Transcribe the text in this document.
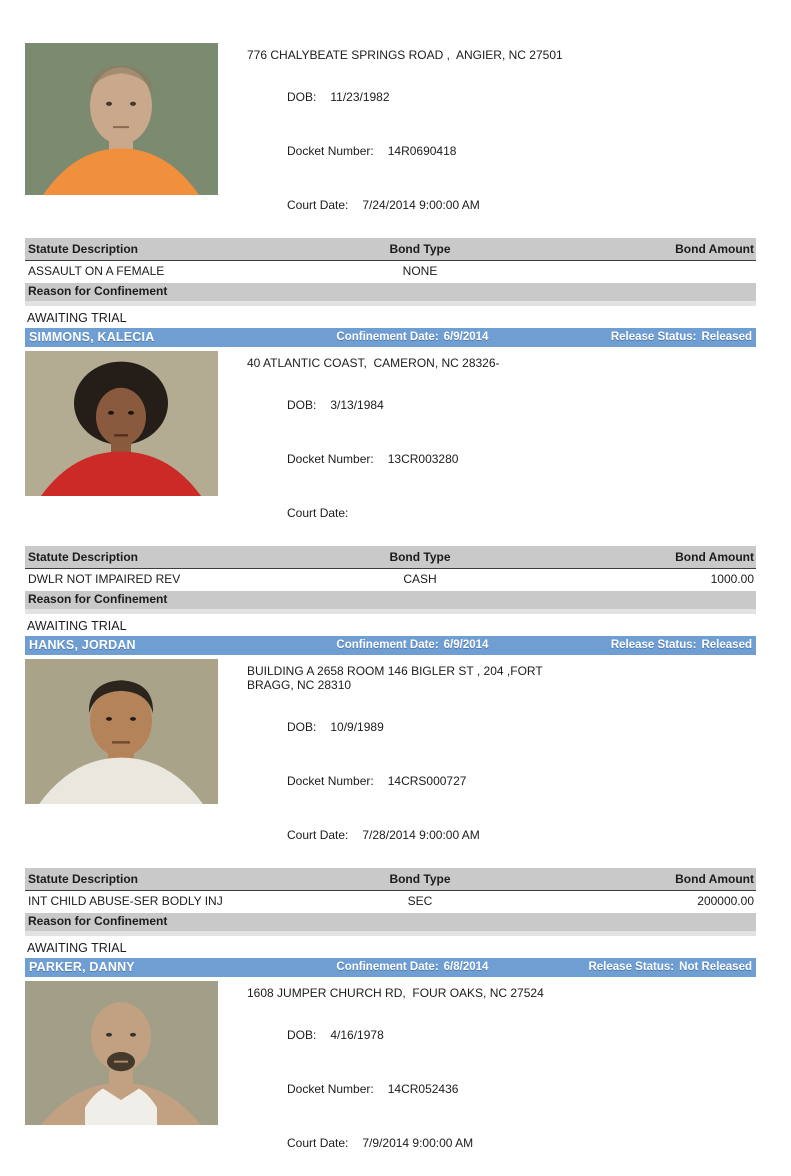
776 CHALYBEATE SPRINGS ROAD ,  ANGIER, NC 27501

DOB: 11/23/1982

Docket Number: 14R0690418

Court Date: 7/24/2014 9:00:00 AM

Statute Description	Bond Type	Bond Amount
ASSAULT ON A FEMALE	NONE
Reason for Confinement
AWAITING TRIAL
SIMMONS, KALECIA	Confinement Date: 6/9/2014	Release Status: Released
40 ATLANTIC COAST,  CAMERON, NC 28326-

DOB: 3/13/1984

Docket Number: 13CR003280

Court Date:

Statute Description	Bond Type	Bond Amount
DWLR NOT IMPAIRED REV	CASH	1000.00
Reason for Confinement
AWAITING TRIAL
HANKS, JORDAN	Confinement Date: 6/9/2014	Release Status: Released
BUILDING A 2658 ROOM 146 BIGLER ST , 204 ,FORT BRAGG, NC 28310

DOB: 10/9/1989

Docket Number: 14CRS000727

Court Date: 7/28/2014 9:00:00 AM

Statute Description	Bond Type	Bond Amount
INT CHILD ABUSE-SER BODLY INJ	SEC	200000.00
Reason for Confinement
AWAITING TRIAL
PARKER, DANNY	Confinement Date: 6/8/2014	Release Status: Not Released
1608 JUMPER CHURCH RD,  FOUR OAKS, NC 27524

DOB: 4/16/1978

Docket Number: 14CR052436

Court Date: 7/9/2014 9:00:00 AM
